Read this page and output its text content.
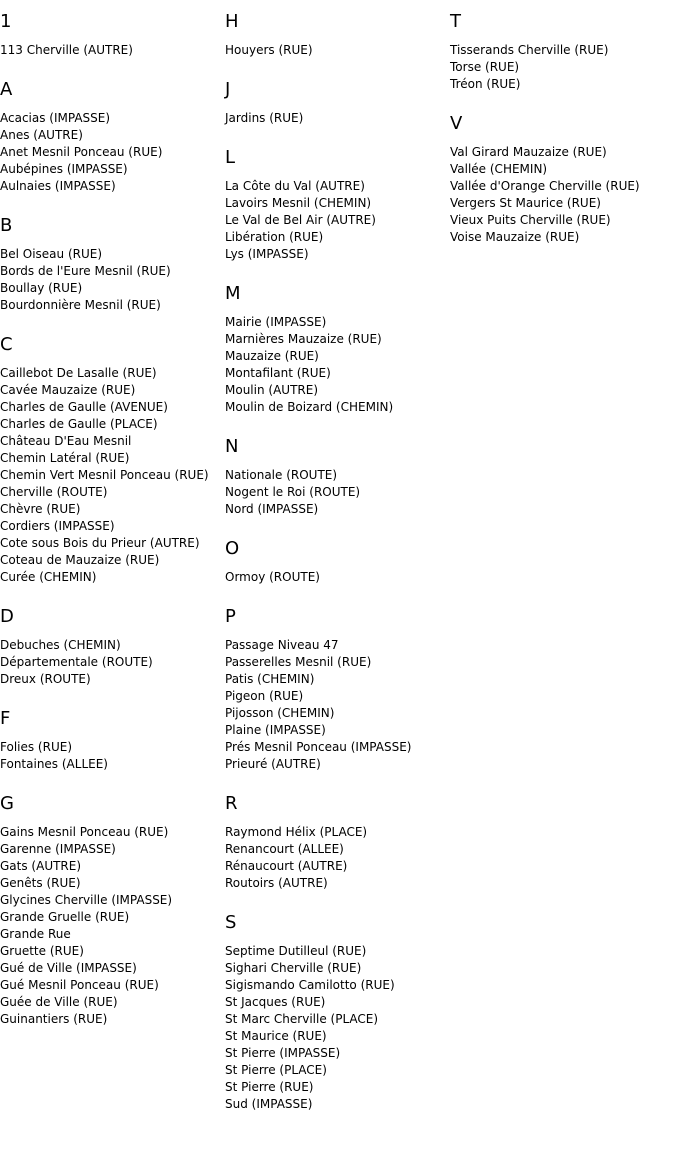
1
113 Cherville (AUTRE)
A
Acacias (IMPASSE)
Anes (AUTRE)
Anet Mesnil Ponceau (RUE)
Aubépines (IMPASSE)
Aulnaies (IMPASSE)
B
Bel Oiseau (RUE)
Bords de l'Eure Mesnil (RUE)
Boullay (RUE)
Bourdonnière Mesnil (RUE)
C
Caillebot De Lasalle (RUE)
Cavée Mauzaize (RUE)
Charles de Gaulle (AVENUE)
Charles de Gaulle (PLACE)
Château D'Eau Mesnil
Chemin Latéral (RUE)
Chemin Vert Mesnil Ponceau (RUE)
Cherville (ROUTE)
Chèvre (RUE)
Cordiers (IMPASSE)
Cote sous Bois du Prieur (AUTRE)
Coteau de Mauzaize (RUE)
Curée (CHEMIN)
D
Debuches (CHEMIN)
Départementale (ROUTE)
Dreux (ROUTE)
F
Folies (RUE)
Fontaines (ALLEE)
G
Gains Mesnil Ponceau (RUE)
Garenne (IMPASSE)
Gats (AUTRE)
Genêts (RUE)
Glycines Cherville (IMPASSE)
Grande Gruelle (RUE)
Grande Rue
Gruette (RUE)
Gué de Ville (IMPASSE)
Gué Mesnil Ponceau (RUE)
Guée de Ville (RUE)
Guinantiers (RUE)
H
Houyers (RUE)
J
Jardins (RUE)
L
La Côte du Val (AUTRE)
Lavoirs Mesnil (CHEMIN)
Le Val de Bel Air (AUTRE)
Libération (RUE)
Lys (IMPASSE)
M
Mairie (IMPASSE)
Marnières Mauzaize (RUE)
Mauzaize (RUE)
Montafilant (RUE)
Moulin (AUTRE)
Moulin de Boizard (CHEMIN)
N
Nationale (ROUTE)
Nogent le Roi (ROUTE)
Nord (IMPASSE)
O
Ormoy (ROUTE)
P
Passage Niveau 47
Passerelles Mesnil (RUE)
Patis (CHEMIN)
Pigeon (RUE)
Pijosson (CHEMIN)
Plaine (IMPASSE)
Prés Mesnil Ponceau (IMPASSE)
Prieuré (AUTRE)
R
Raymond Hélix (PLACE)
Renancourt (ALLEE)
Rénaucourt (AUTRE)
Routoirs (AUTRE)
S
Septime Dutilleul (RUE)
Sighari Cherville (RUE)
Sigismando Camilotto (RUE)
St Jacques (RUE)
St Marc Cherville (PLACE)
St Maurice (RUE)
St Pierre (IMPASSE)
St Pierre (PLACE)
St Pierre (RUE)
Sud (IMPASSE)
T
Tisserands Cherville (RUE)
Torse (RUE)
Tréon (RUE)
V
Val Girard Mauzaize (RUE)
Vallée (CHEMIN)
Vallée d'Orange Cherville (RUE)
Vergers St Maurice (RUE)
Vieux Puits Cherville (RUE)
Voise Mauzaize (RUE)
